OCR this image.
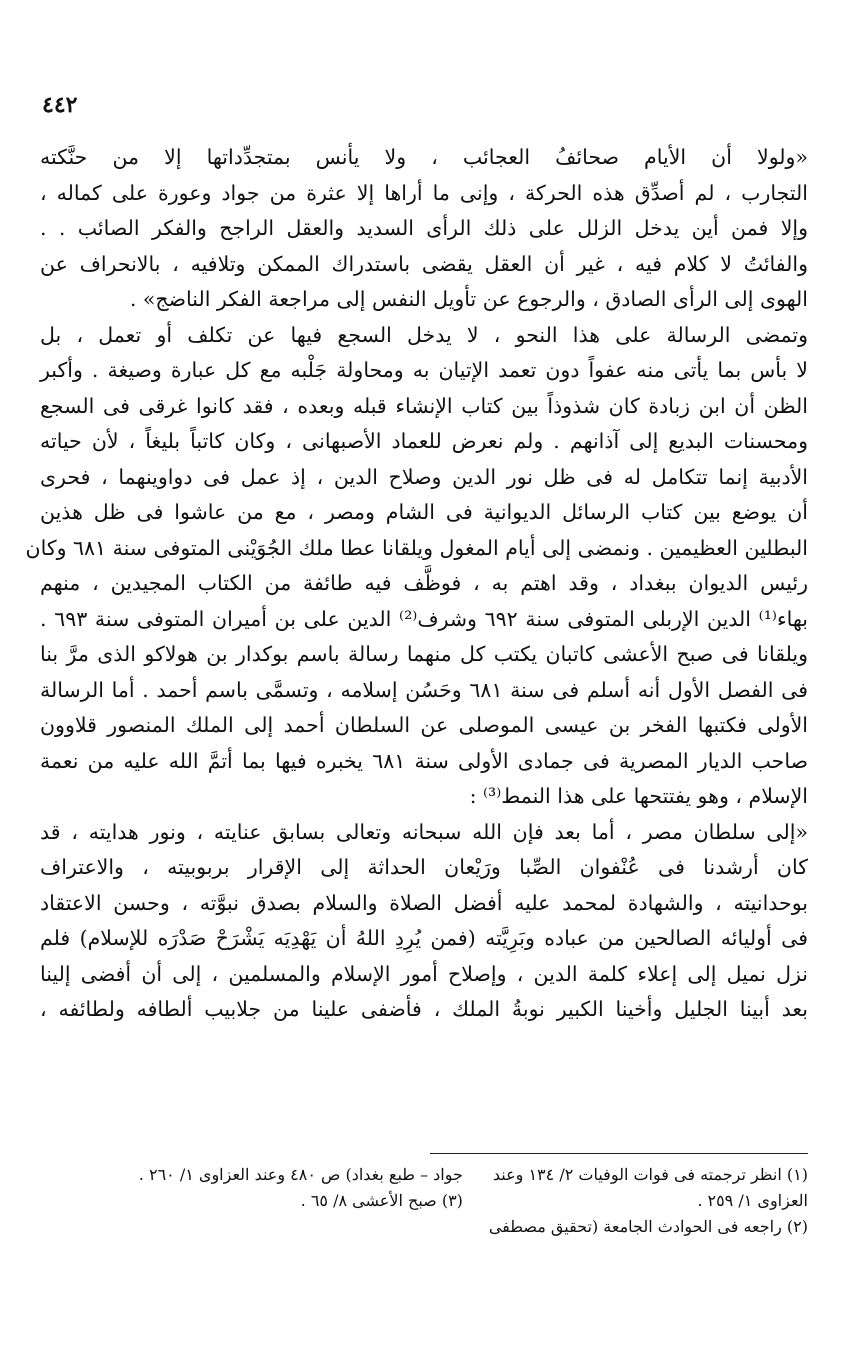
٤٤٢
«ولولا أن الأيام صحائفُ العجائب ، ولا يأنس بمتجدِّداتها إلا من حنَّكته
التجارب ، لم أصدِّق هذه الحركة ، وإنى ما أراها إلا عثرة من جواد وعورة على كماله ،
وإلا فمن أين يدخل الزلل على ذلك الرأى السديد والعقل الراجح والفكر الصائب . .
والفائتُ لا كلام فيه ، غير أن العقل يقضى باستدراك الممكن وتلافيه ، بالانحراف عن
الهوى إلى الرأى الصادق ، والرجوع عن تأويل النفس إلى مراجعة الفكر الناضج» .
وتمضى الرسالة على هذا النحو ، لا يدخل السجع فيها عن تكلف أو تعمل ، بل
لا بأس بما يأتى منه عفواً دون تعمد الإتيان به ومحاولة جَلْبه مع كل عبارة وصيغة . وأكبر
الظن أن ابن زبادة كان شذوذاً بين كتاب الإنشاء قبله وبعده ، فقد كانوا غرقى فى السجع
ومحسنات البديع إلى آذانهم . ولم نعرض للعماد الأصبهانى ، وكان كاتباً بليغاً ، لأن حياته
الأدبية إنما تتكامل له فى ظل نور الدين وصلاح الدين ، إذ عمل فى دواوينهما ، فحرى
أن يوضع بين كتاب الرسائل الديوانية فى الشام ومصر ، مع من عاشوا فى ظل هذين
البطلين العظيمين . ونمضى إلى أيام المغول ويلقانا عطا ملك الجُوَيْنى المتوفى سنة ٦٨١ وكان
رئيس الديوان ببغداد ، وقد اهتم به ، فوظَّف فيه طائفة من الكتاب المجيدين ، منهم
بهاء⁽¹⁾ الدين الإربلى المتوفى سنة ٦٩٢ وشرف⁽²⁾ الدين على بن أميران المتوفى سنة ٦٩٣ .
ويلقانا فى صبح الأعشى كاتبان يكتب كل منهما رسالة باسم بوكدار بن هولاكو الذى مرَّ بنا
فى الفصل الأول أنه أسلم فى سنة ٦٨١ وحَسُن إسلامه ، وتسمَّى باسم أحمد . أما الرسالة
الأولى فكتبها الفخر بن عيسى الموصلى عن السلطان أحمد إلى الملك المنصور قلاوون
صاحب الديار المصرية فى جمادى الأولى سنة ٦٨١ يخبره فيها بما أتمَّ الله عليه من نعمة
الإسلام ، وهو يفتتحها على هذا النمط⁽³⁾ :
«إلى سلطان مصر ، أما بعد فإن الله سبحانه وتعالى بسابق عنايته ، ونور هدايته ، قد
كان أرشدنا فى عُنْفوان الصِّبا ورَيْعان الحداثة إلى الإقرار بربوبيته ، والاعتراف
بوحدانيته ، والشهادة لمحمد عليه أفضل الصلاة والسلام بصدق نبوَّته ، وحسن الاعتقاد
فى أوليائه الصالحين من عباده وبَرِيَّته (فمن يُرِدِ اللهُ أن يَهْدِيَه يَشْرَحْ صَدْرَه للإسلام) فلم
نزل نميل إلى إعلاء كلمة الدين ، وإصلاح أمور الإسلام والمسلمين ، إلى أن أفضى إلينا
بعد أبينا الجليل وأخينا الكبير نوبةُ الملك ، فأضفى علينا من جلابيب ألطافه ولطائفه ،
(١) انظر ترجمته فى فوات الوفيات ٢/ ١٣٤ وعند جواد – طبع بغداد) ص ٤٨٠ وعند العزاوى ١/ ٢٦٠ .
العزاوى ١/ ٢٥٩ . (٣) صبح الأعشى ٨/ ٦٥ .
(٢) راجعه فى الحوادث الجامعة (تحقيق مصطفى
